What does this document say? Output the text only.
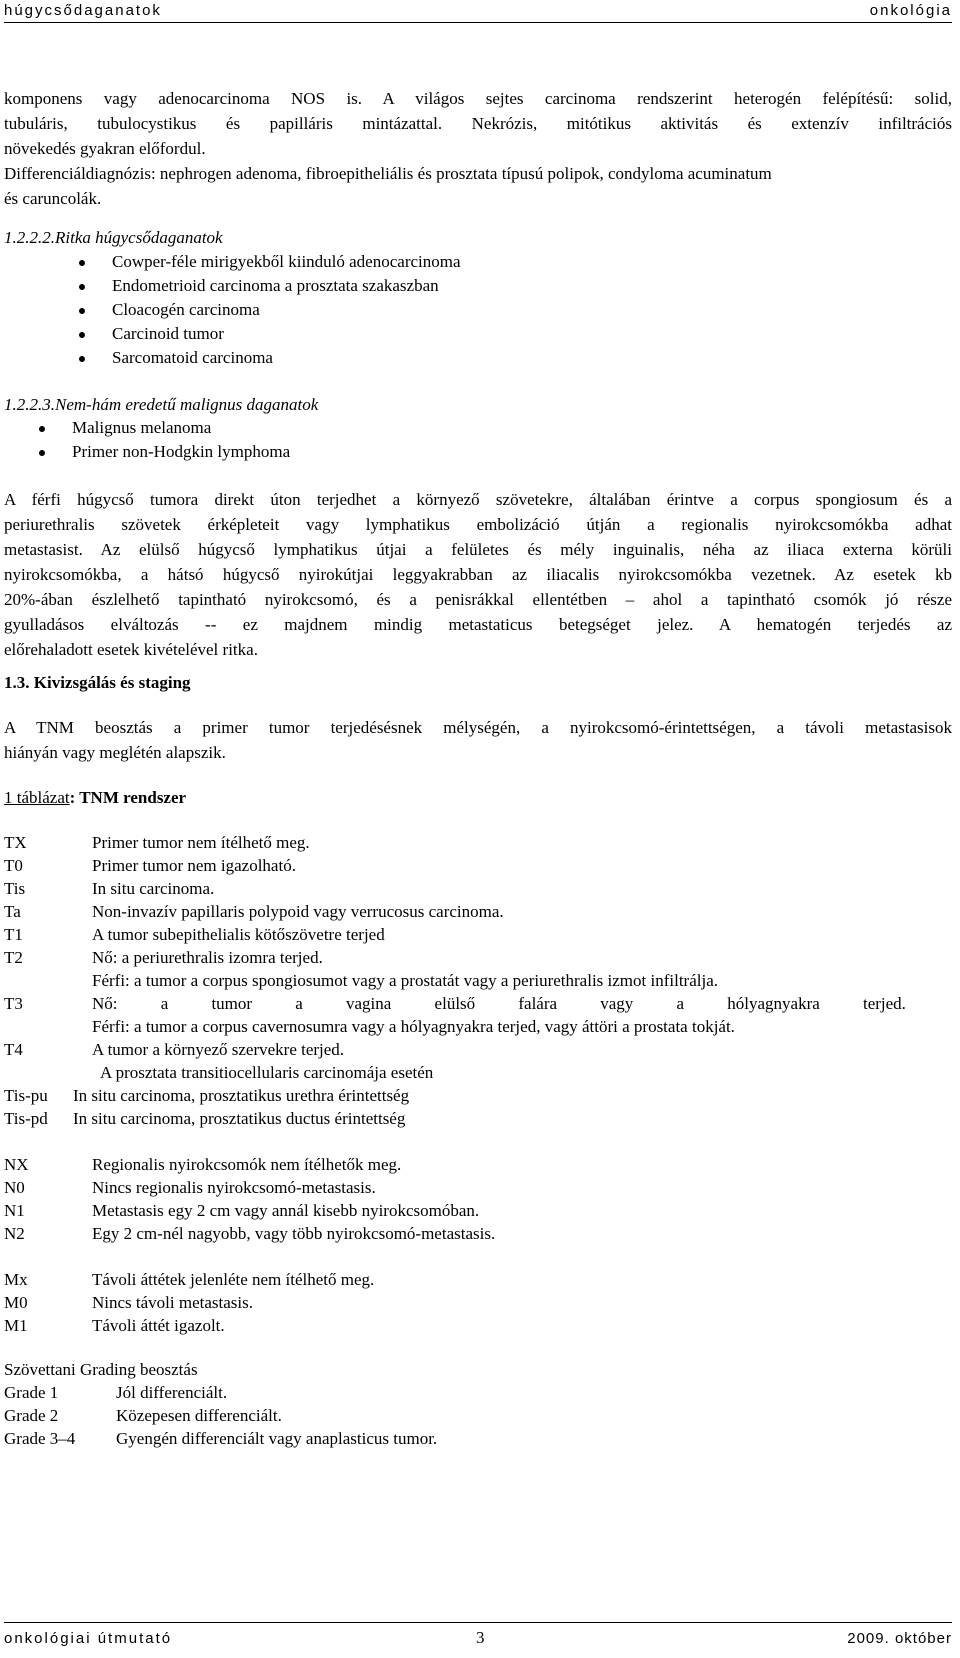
húgycsődaganatok	onkológia
komponens vagy adenocarcinoma NOS is. A világos sejtes carcinoma rendszerint heterogén felépítésű: solid,
tubuláris, tubulocystikus és papilláris mintázattal. Nekrózis, mitótikus aktivitás és extenzív infiltrációs
növekedés gyakran előfordul.
Differenciáldiagnózis: nephrogen adenoma, fibroepitheliális és prosztata típusú polipok, condyloma acuminatum
és caruncolák.
1.2.2.2.Ritka húgycsődaganatok
Cowper-féle mirigyekből kiinduló adenocarcinoma
Endometrioid carcinoma a prosztata szakaszban
Cloacogén carcinoma
Carcinoid tumor
Sarcomatoid carcinoma
1.2.2.3.Nem-hám eredetű malignus daganatok
Malignus melanoma
Primer non-Hodgkin lymphoma
A férfi húgycső tumora direkt úton terjedhet a környező szövetekre, általában érintve a corpus spongiosum és a
periurethralis szövetek érképleteit vagy lymphatikus embolizáció útján a regionalis nyirokcsomókba adhat
metastasist. Az elülső húgycső lymphatikus útjai a felületes és mély inguinalis, néha az iliaca externa körüli
nyirokcsomókba, a hátsó húgycső nyirokútjai leggyakrabban az iliacalis nyirokcsomókba vezetnek. Az esetek kb
20%-ában észlelhető tapintható nyirokcsomó, és a penisrákkal ellentétben – ahol a tapintható csomók jó része
gyulladásos elváltozás -- ez majdnem mindig metastaticus betegséget jelez. A hematogén terjedés az
előrehaladott esetek kivételével ritka.
1.3. Kivizsgálás és staging
A TNM beosztás a primer tumor terjedésésnek mélységén, a nyirokcsomó-érintettségen, a távoli metastasisok
hiányán vagy meglétén alapszik.
1 táblázat: TNM rendszer
TX	Primer tumor nem ítélhető meg.
T0	Primer tumor nem igazolható.
Tis	In situ carcinoma.
Ta	Non-invazív papillaris polypoid vagy verrucosus carcinoma.
T1	A tumor subepithelialis kötőszövetre terjed
T2	Nő: a periurethralis izomra terjed.
Férfi: a tumor a corpus spongiosumot vagy a prostatát vagy a periurethralis izmot infiltrálja.
T3	Nő:	a	tumor	a	vagina	elülső	falára	vagy	a	hólyagnyakra	terjed.
Férfi: a tumor a corpus cavernosumra vagy a hólyagnyakra terjed, vagy áttöri a prostata tokját.
T4	A tumor a környező szervekre terjed.
A prosztata transitiocellularis carcinomája esetén
Tis-pu In situ carcinoma, prosztatikus urethra érintettség
Tis-pd In situ carcinoma, prosztatikus ductus érintettség
NX	Regionalis nyirokcsomók nem ítélhetők meg.
N0	Nincs regionalis nyirokcsomó-metastasis.
N1	Metastasis egy 2 cm vagy annál kisebb nyirokcsomóban.
N2	Egy 2 cm-nél nagyobb, vagy több nyirokcsomó-metastasis.
Mx	Távoli áttétek jelenléte nem ítélhető meg.
M0	Nincs távoli metastasis.
M1	Távoli áttét igazolt.
Szövettani Grading beosztás
Grade 1	Jól differenciált.
Grade 2	Közepesen differenciált.
Grade 3–4 Gyengén differenciált vagy anaplasticus tumor.
onkológiai útmutató	3	2009. október
